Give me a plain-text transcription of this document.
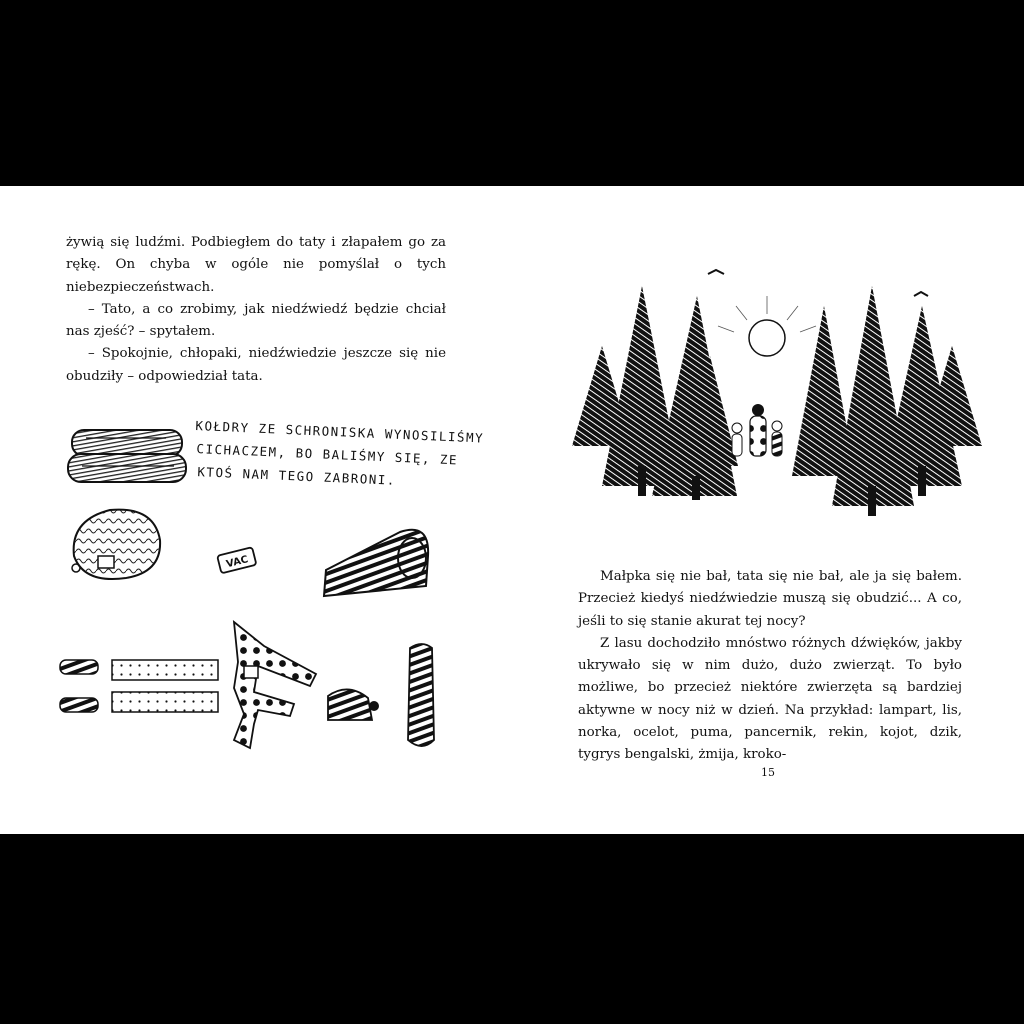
żywią się ludźmi. Podbiegłem do taty i złapałem go za rękę. On chyba w ogóle nie pomyślał o tych niebezpieczeństwach.

– Tato, a co zrobimy, jak niedźwiedź będzie chciał nas zjeść? – spytałem.

– Spokojnie, chłopaki, niedźwiedzie jeszcze się nie obudziły – odpowiedział tata.

KOŁDRY ZE SCHRONISKA WYNOSILIŚMY
CICHACZEM, BO BALIŚMY SIĘ, ZE
KTOŚ NAM TEGO ZABRONI.
VAC

Małpka się nie bał, tata się nie bał, ale ja się bałem. Przecież kiedyś niedźwiedzie muszą się obudzić... A co, jeśli to się stanie akurat tej nocy?

Z lasu dochodziło mnóstwo różnych dźwięków, jakby ukrywało się w nim dużo, dużo zwierząt. To było możliwe, bo przecież niektóre zwierzęta są bardziej aktywne w nocy niż w dzień. Na przykład: lampart, lis, norka, ocelot, puma, pancernik, rekin, kojot, dzik, tygrys bengalski, żmija, kroko-

15
